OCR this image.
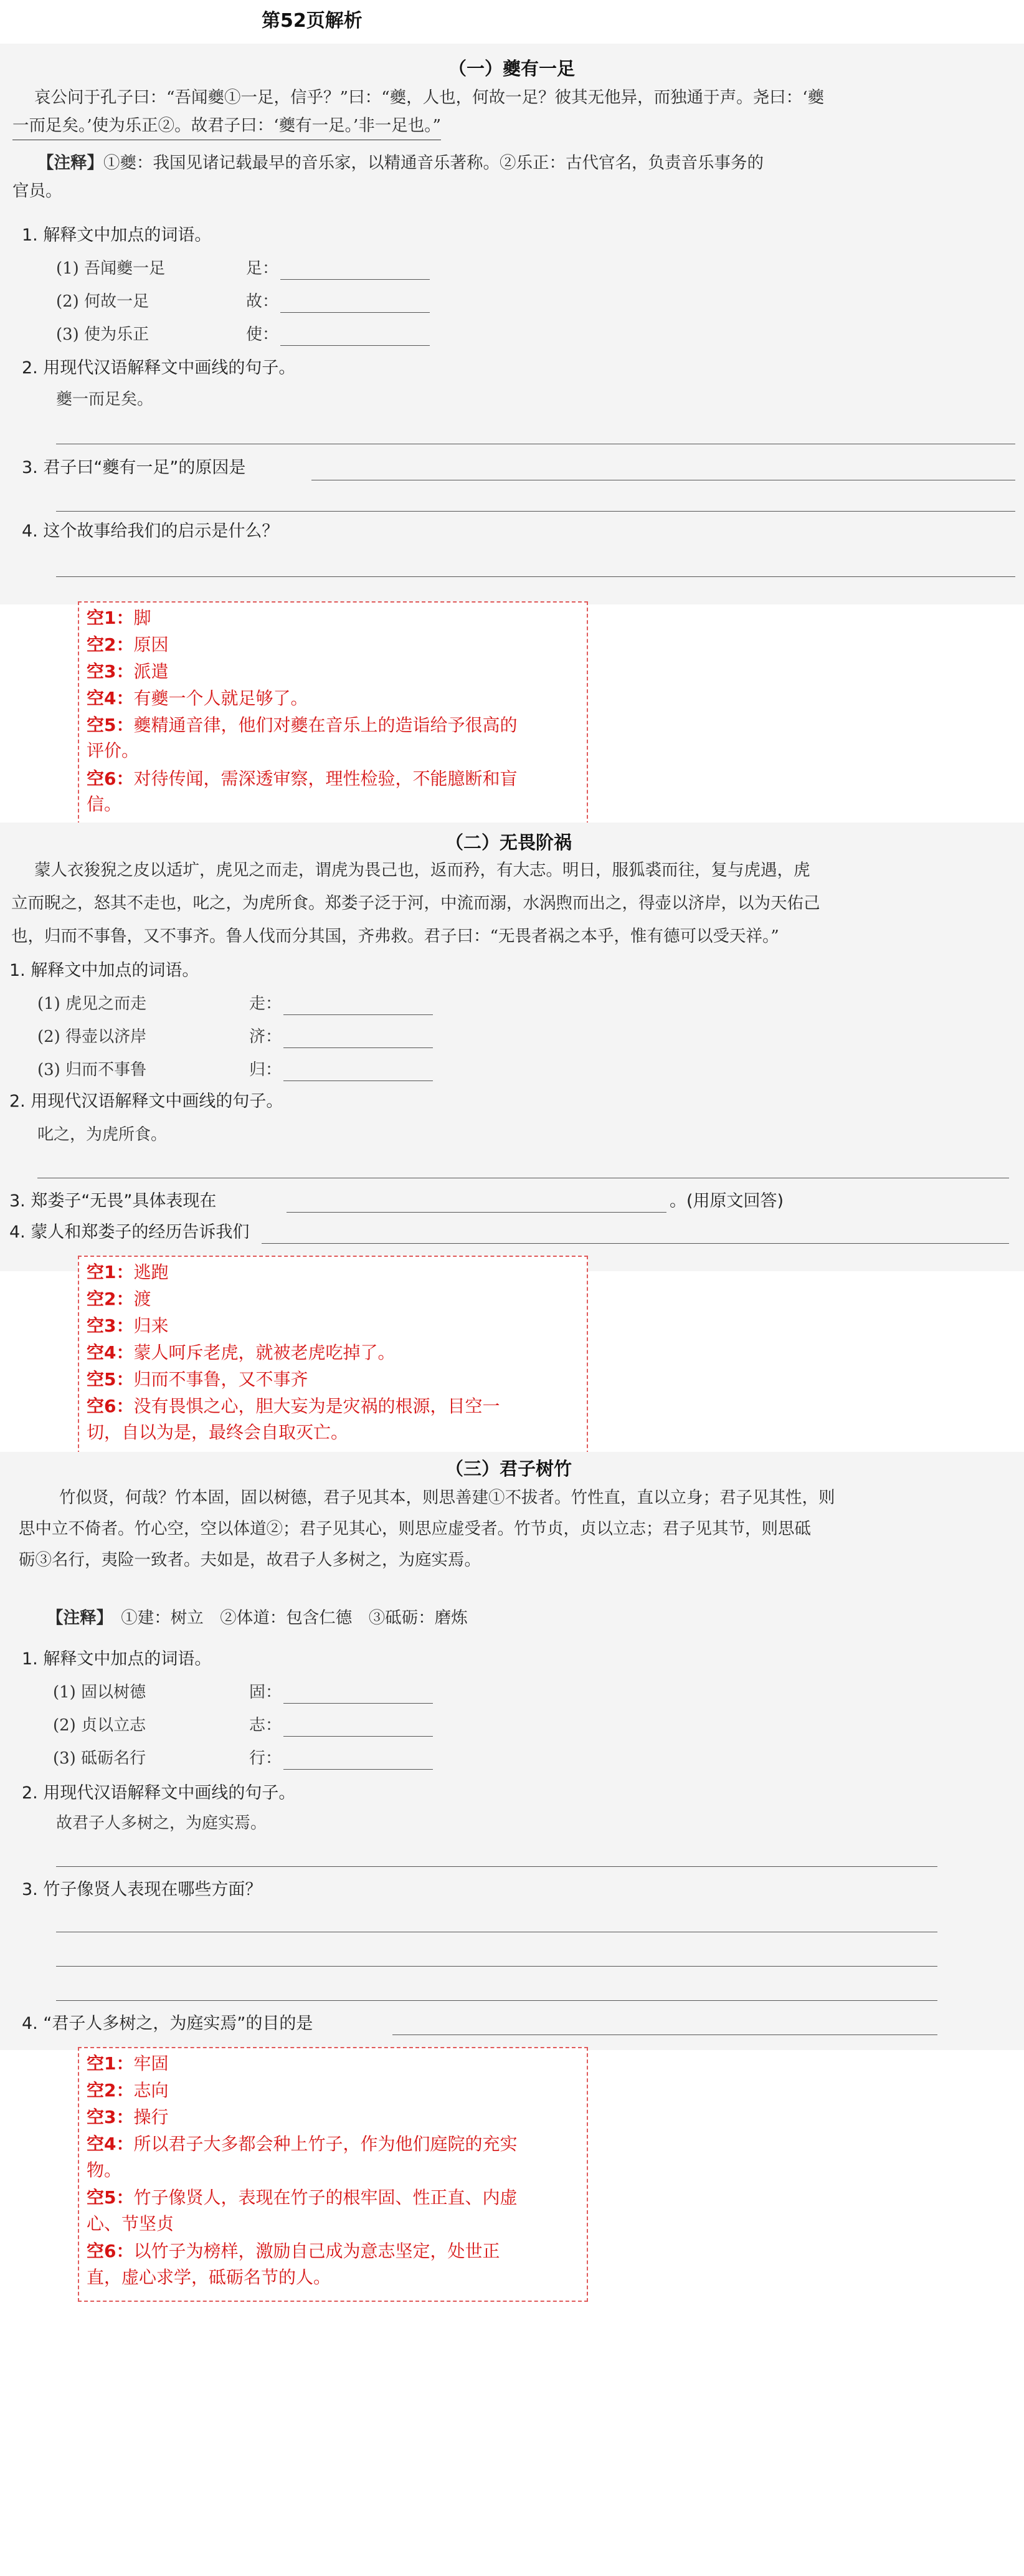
第52页解析
（一）夔有一足
哀公问于孔子曰：“吾闻夔①一足，信乎？”曰：“夔，人也，何故一足？彼其无他异，而独通于声。尧曰：‘夔
一而足矣。’使为乐正②。故君子曰：‘夔有一足。’非一足也。”
【注释】①夔：我国见诸记载最早的音乐家，以精通音乐著称。②乐正：古代官名，负责音乐事务的
官员。
1. 解释文中加点的词语。
(1) 吾闻夔一足	足：
(2) 何故一足	故：
(3) 使为乐正	使：
2. 用现代汉语解释文中画线的句子。
夔一而足矣。
3. 君子曰“夔有一足”的原因是
4. 这个故事给我们的启示是什么？
空1：脚
空2：原因
空3：派遣
空4：有夔一个人就足够了。
空5：夔精通音律，他们对夔在音乐上的造诣给予很高的
评价。
空6：对待传闻，需深透审察，理性检验，不能臆断和盲
信。
（二）无畏阶祸
蒙人衣狻猊之皮以适圹，虎见之而走，谓虎为畏己也，返而矜，有大志。明日，服狐裘而往，复与虎遇，虎
立而睨之，怒其不走也，叱之，为虎所食。郑娄子泛于河，中流而溺，水涡煦而出之，得壶以济岸，以为天佑己
也，归而不事鲁，又不事齐。鲁人伐而分其国，齐弗救。君子曰：“无畏者祸之本乎，惟有德可以受天祥。”
1. 解释文中加点的词语。
(1) 虎见之而走	走：
(2) 得壶以济岸	济：
(3) 归而不事鲁	归：
2. 用现代汉语解释文中画线的句子。
叱之，为虎所食。
3. 郑娄子“无畏”具体表现在	。(用原文回答)
4. 蒙人和郑娄子的经历告诉我们
空1：逃跑
空2：渡
空3：归来
空4：蒙人呵斥老虎，就被老虎吃掉了。
空5：归而不事鲁，又不事齐
空6：没有畏惧之心，胆大妄为是灾祸的根源，目空一
切，自以为是，最终会自取灭亡。
（三）君子树竹
竹似贤，何哉？竹本固，固以树德，君子见其本，则思善建①不拔者。竹性直，直以立身；君子见其性，则
思中立不倚者。竹心空，空以体道②；君子见其心，则思应虚受者。竹节贞，贞以立志；君子见其节，则思砥
砺③名行，夷险一致者。夫如是，故君子人多树之，为庭实焉。
【注释】　 ①建：树立　②体道：包含仁德　③砥砺：磨炼
1. 解释文中加点的词语。
(1) 固以树德	固：
(2) 贞以立志	志：
(3) 砥砺名行	行：
2. 用现代汉语解释文中画线的句子。
故君子人多树之，为庭实焉。
3. 竹子像贤人表现在哪些方面？
4. “君子人多树之，为庭实焉”的目的是
空1：牢固
空2：志向
空3：操行
空4：所以君子大多都会种上竹子，作为他们庭院的充实
物。
空5：竹子像贤人，表现在竹子的根牢固、性正直、内虚
心、节坚贞
空6：以竹子为榜样，激励自己成为意志坚定，处世正
直，虚心求学，砥砺名节的人。
